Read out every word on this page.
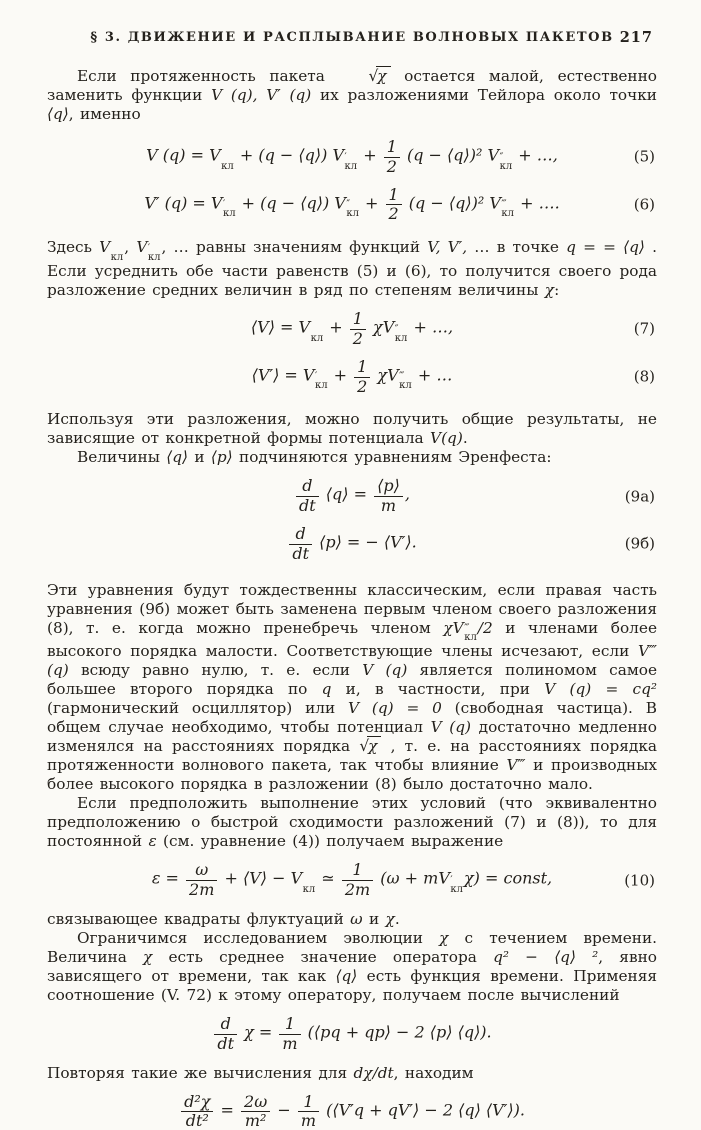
§ 3. ДВИЖЕНИЕ И РАСПЛЫВАНИЕ ВОЛНОВЫХ ПАКЕТОВ 217

Если протяженность пакета √χ остается малой, естественно заменить функции V (q), V′ (q) их разложениями Тейлора около точки ⟨q⟩, именно

V (q) = V

кл
+ (q − ⟨q⟩) V ′
кл
+ $\frac{1}{2} (q$ − ⟨q⟩)² V ″
кл
+ …,	(5)
V′ (q) = V ′
кл
+ (q − ⟨q⟩) V ″
кл
+ $\frac{1}{2} (q$ − ⟨q⟩)² V ‴
кл
+ ….	(6)

Здесь V

кл
, V ′
кл
, … равны значениям функций V, V′, … в точке q = = ⟨q⟩ . Если усреднить обе части равенств (5) и (6), то получится своего рода разложение средних величин в ряд по степеням величины χ:

⟨V⟩ = V

кл
+ $\frac{1}{2}$ χV ″
кл
+ …,	(7)
⟨V′⟩ = V ′
кл
+ $\frac{1}{2}$ χV ‴
кл
+ …	(8)

Используя эти разложения, можно получить общие результаты, не зависящие от конкретной формы потенциала V(q).

Величины ⟨q⟩ и ⟨p⟩ подчиняются уравнениям Эренфеста:

$\frac{d}{dt}$ ⟨q⟩ = $\frac{⟨p⟩}{m}$ ,	(9а)
$\frac{d}{dt}$ ⟨p⟩ = − ⟨V′⟩.	(9б)

Эти уравнения будут тождественны классическим, если правая часть уравнения (9б) может быть заменена первым членом своего разложения (8), т. е. когда можно пренебречь членом χV ‴
кл
/2 и членами более высокого порядка малости. Соответствующие члены исчезают, если V‴ (q) всюду равно нулю, т. е. если V (q) является полиномом самое большее второго порядка по q и, в частности, при V (q) = cq² (гармонический осциллятор) или V (q) = 0 (свободная частица). В общем случае необходимо, чтобы потенциал V (q) достаточно медленно изменялся на расстояниях порядка √χ , т. е. на расстояниях порядка протяженности волнового пакета, так чтобы влияние V‴ и производных более высокого порядка в разложении (8) было достаточно мало.

Если предположить выполнение этих условий (что эквивалентно предположению о быстрой сходимости разложений (7) и (8)), то для постоянной ε (см. уравнение (4)) получаем выражение

$\varepsilon = \frac{\omega}{2m}$ + ⟨V⟩ − V

кл
≃ $\frac{1}{2m} (\omega$ + mV ′
кл
χ) = const,	(10)

связывающее квадраты флуктуаций ω и χ.

Ограничимся исследованием эволюции χ с течением времени. Величина χ есть среднее значение оператора q² − ⟨q⟩ ², явно зависящего от времени, так как ⟨q⟩ есть функция времени. Применяя соотношение (V. 72) к этому оператору, получаем после вычислений

$\frac{d}{dt}$ $\chi = \frac{1}{m}$ (⟨pq + qp⟩ − 2 ⟨p⟩ ⟨q⟩).

Повторяя такие же вычисления для dχ/dt, находим

$\frac{\text{d²χ}}{\text{dt²}} = \frac{2\omega}{\text{m²}} - \frac{1}{m}$ (⟨V′q + qV′⟩ − 2 ⟨q⟩ ⟨V′⟩).
